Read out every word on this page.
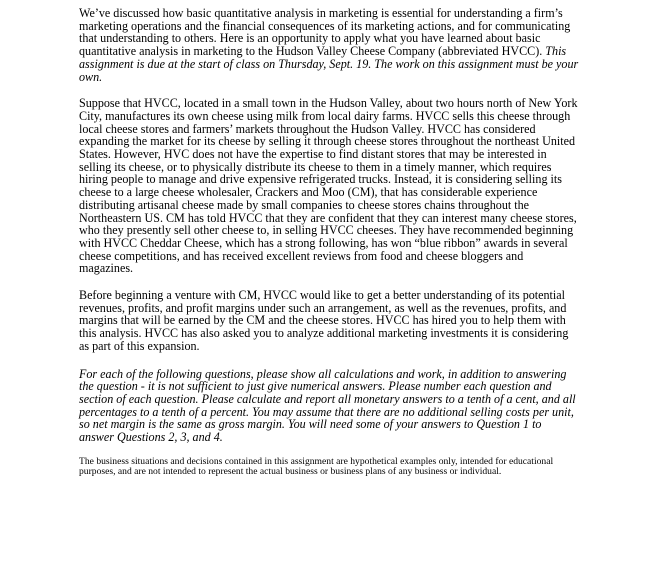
We’ve discussed how basic quantitative analysis in marketing is essential for understanding a firm’s marketing operations and the financial consequences of its marketing actions, and for communicating that understanding to others. Here is an opportunity to apply what you have learned about basic quantitative analysis in marketing to the Hudson Valley Cheese Company (abbreviated HVCC). This assignment is due at the start of class on Thursday, Sept. 19. The work on this assignment must be your own.

Suppose that HVCC, located in a small town in the Hudson Valley, about two hours north of New York City, manufactures its own cheese using milk from local dairy farms. HVCC sells this cheese through local cheese stores and farmers’ markets throughout the Hudson Valley. HVCC has considered expanding the market for its cheese by selling it through cheese stores throughout the northeast United States. However, HVC does not have the expertise to find distant stores that may be interested in selling its cheese, or to physically distribute its cheese to them in a timely manner, which requires hiring people to manage and drive expensive refrigerated trucks. Instead, it is considering selling its cheese to a large cheese wholesaler, Crackers and Moo (CM), that has considerable experience distributing artisanal cheese made by small companies to cheese stores chains throughout the Northeastern US. CM has told HVCC that they are confident that they can interest many cheese stores, who they presently sell other cheese to, in selling HVCC cheeses. They have recommended beginning with HVCC Cheddar Cheese, which has a strong following, has won “blue ribbon” awards in several cheese competitions, and has received excellent reviews from food and cheese bloggers and magazines.

Before beginning a venture with CM, HVCC would like to get a better understanding of its potential revenues, profits, and profit margins under such an arrangement, as well as the revenues, profits, and margins that will be earned by the CM and the cheese stores. HVCC has hired you to help them with this analysis. HVCC has also asked you to analyze additional marketing investments it is considering as part of this expansion.

For each of the following questions, please show all calculations and work, in addition to answering the question - it is not sufficient to just give numerical answers. Please number each question and section of each question. Please calculate and report all monetary answers to a tenth of a cent, and all percentages to a tenth of a percent. You may assume that there are no additional selling costs per unit, so net margin is the same as gross margin. You will need some of your answers to Question 1 to answer Questions 2, 3, and 4.

The business situations and decisions contained in this assignment are hypothetical examples only, intended for educational purposes, and are not intended to represent the actual business or business plans of any business or individual.
